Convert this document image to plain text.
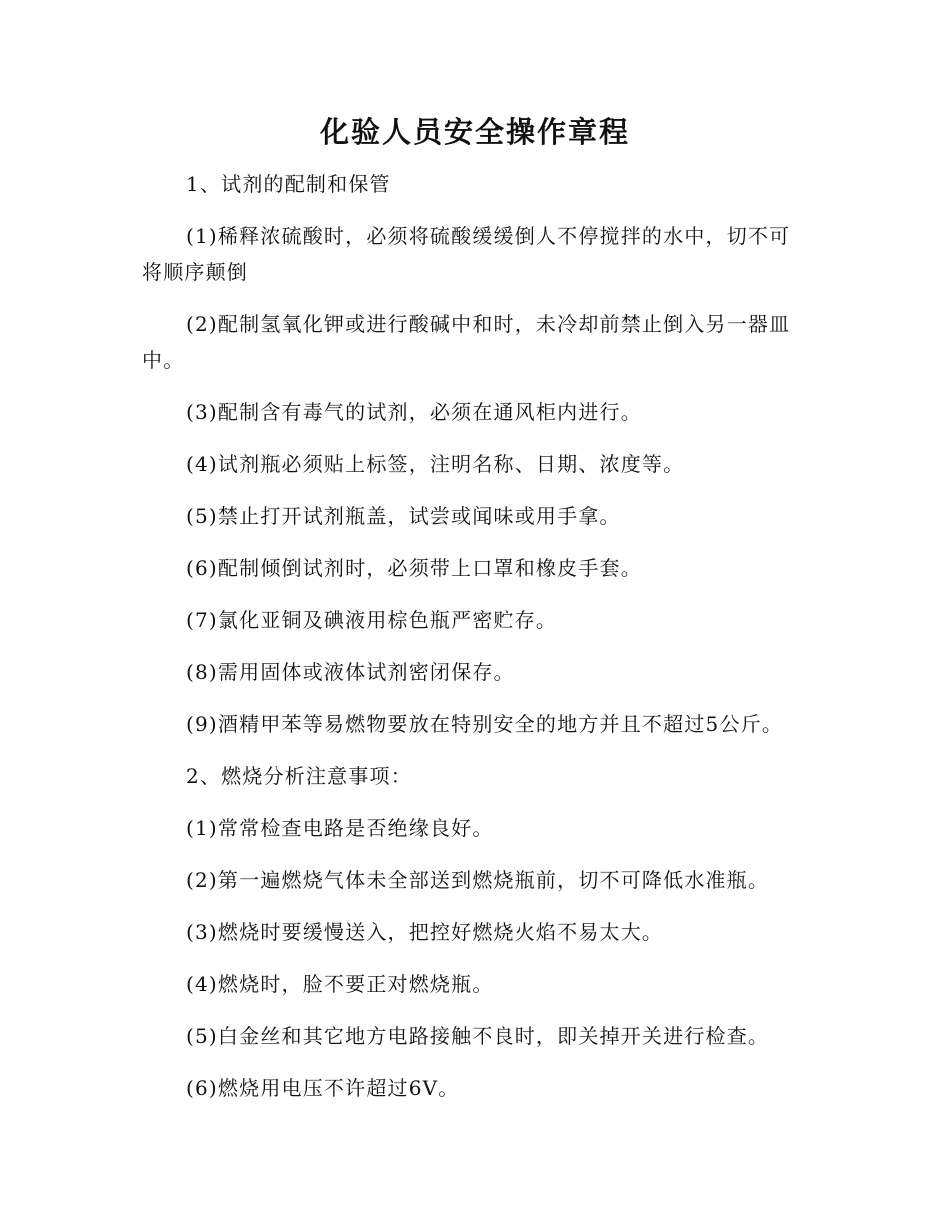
化验人员安全操作章程

1、试剂的配制和保管

(1)稀释浓硫酸时，必须将硫酸缓缓倒人不停搅拌的水中，切不可将顺序颠倒

(2)配制氢氧化钾或进行酸碱中和时，未冷却前禁止倒入另一器皿中。

(3)配制含有毒气的试剂，必须在通风柜内进行。

(4)试剂瓶必须贴上标签，注明名称、日期、浓度等。

(5)禁止打开试剂瓶盖，试尝或闻味或用手拿。

(6)配制倾倒试剂时，必须带上口罩和橡皮手套。

(7)氯化亚铜及碘液用棕色瓶严密贮存。

(8)需用固体或液体试剂密闭保存。

(9)酒精甲苯等易燃物要放在特别安全的地方并且不超过5公斤。

2、燃烧分析注意事项：

(1)常常检查电路是否绝缘良好。

(2)第一遍燃烧气体未全部送到燃烧瓶前，切不可降低水准瓶。

(3)燃烧时要缓慢送入，把控好燃烧火焰不易太大。

(4)燃烧时，脸不要正对燃烧瓶。

(5)白金丝和其它地方电路接触不良时，即关掉开关进行检查。

(6)燃烧用电压不许超过6V。
